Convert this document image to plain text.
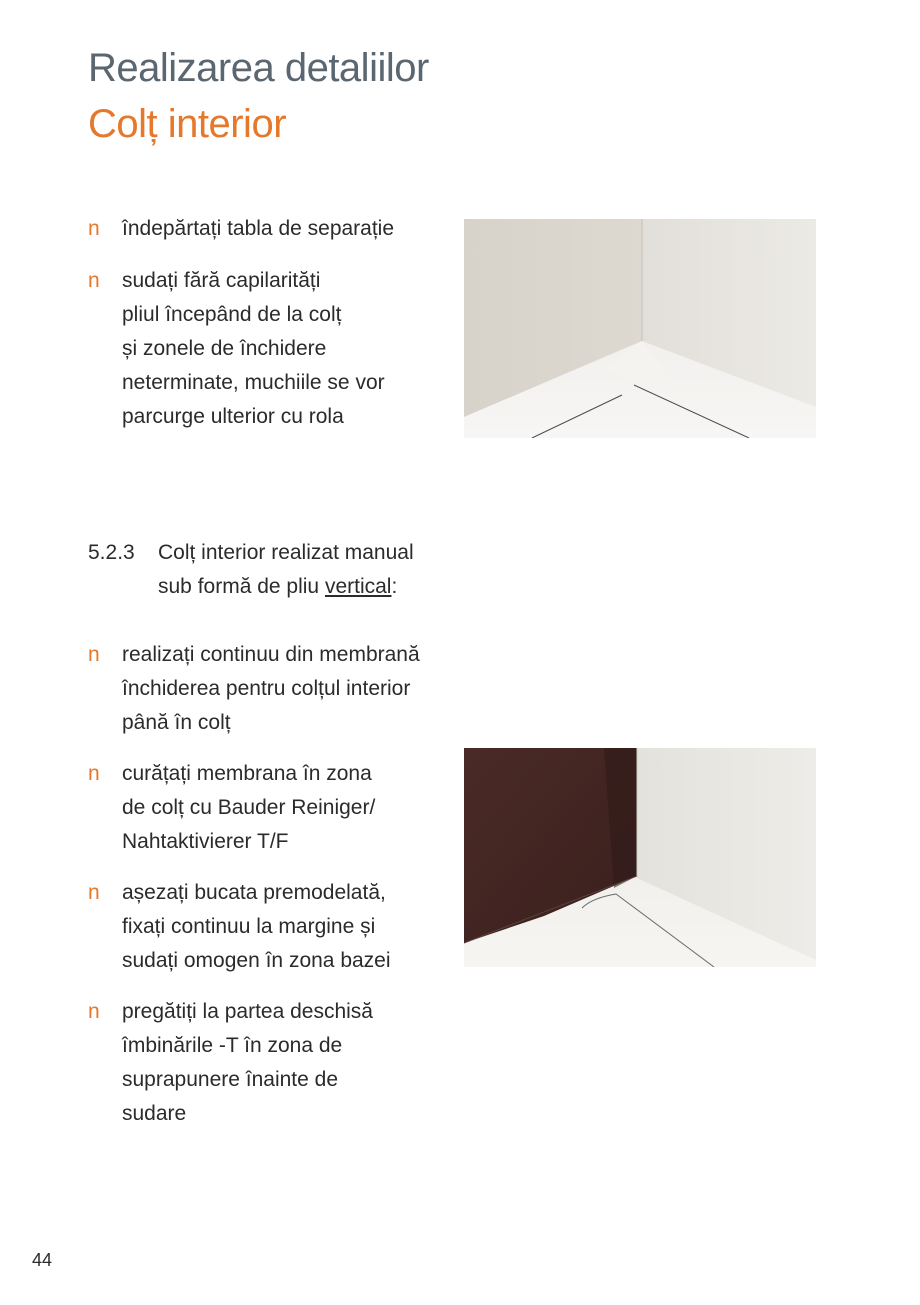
Realizarea detaliilor
Colț interior
n îndepărtați tabla de separație
n sudați fără capilarități
pliul începând de la colț
și zonele de închidere
neterminate, muchiile se vor
parcurge ulterior cu rola
5.2.3 Colț interior realizat manual
sub formă de pliu vertical:
n realizați continuu din membrană
închiderea pentru colțul interior
până în colț
n curățați membrana în zona
de colț cu Bauder Reiniger/
Nahtaktivierer T/F
n așezați bucata premodelată,
fixați continuu la margine și
sudați omogen în zona bazei
n pregătiți la partea deschisă
îmbinările -T în zona de
suprapunere înainte de
sudare
44
